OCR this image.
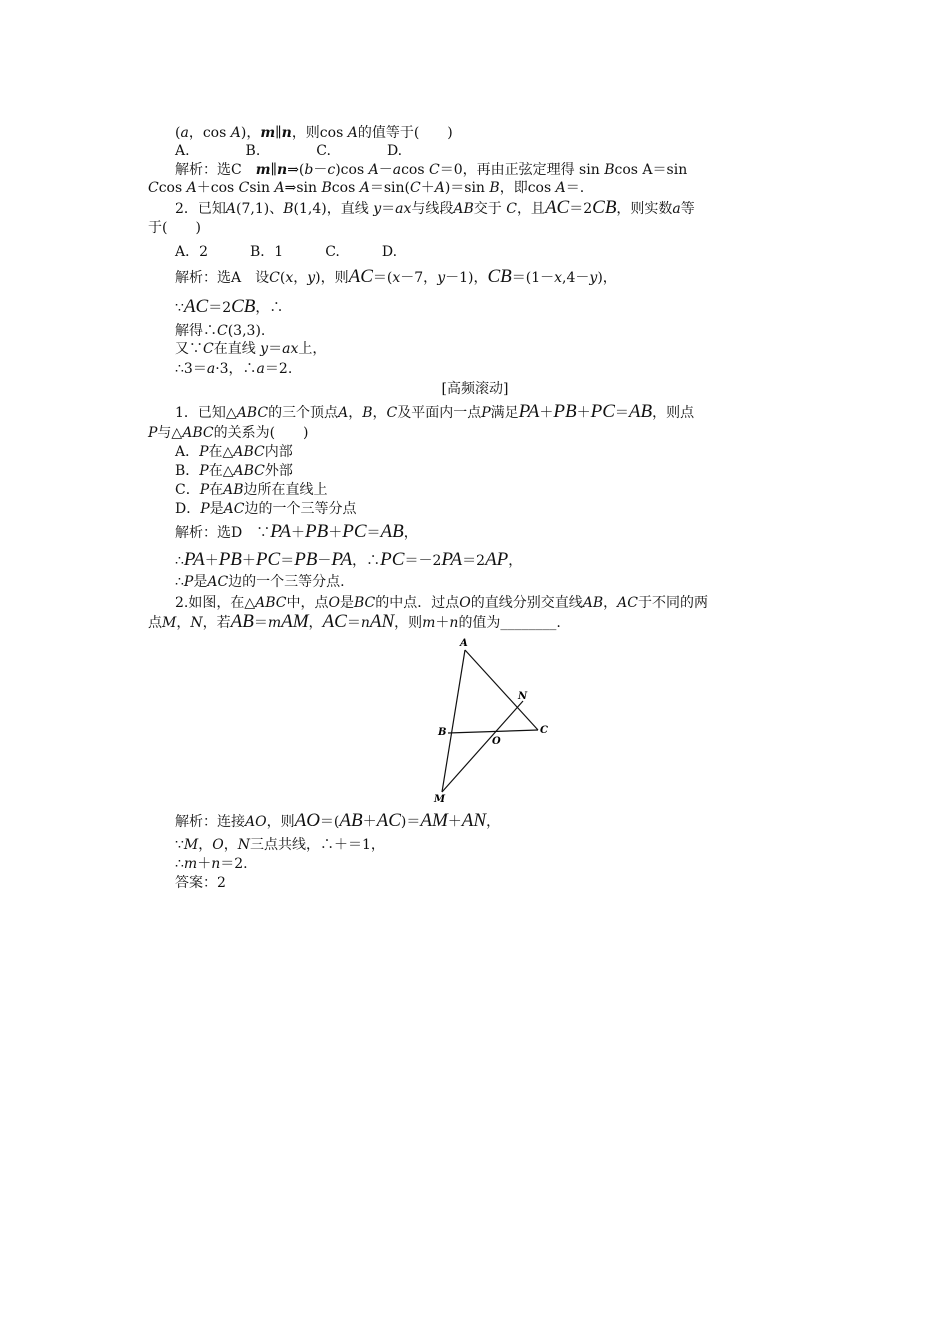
(a，cos A)，m∥n，则cos A的值等于(　　)
A.　　　　B.　　　　C.　　　　D.
解析：选C　m∥n⇒(b－c)cos A－acos C＝0，再由正弦定理得 sin Bcos A＝sin
Ccos A＋cos Csin A⇒sin Bcos A＝sin(C＋A)＝sin B，即cos A＝.
2．已知A(7,1)、B(1,4)，直线 y＝ax与线段AB交于 C，且AC＝2CB，则实数a等
于(　　)
A．2　　　B．1　　　C.　　　D.
解析：选A　设C(x，y)，则AC＝(x－7，y－1)，CB＝(1－x,4－y)，
∵AC＝2CB，∴
解得∴C(3,3).
又∵C在直线 y＝ax上，
∴3＝a·3，∴a＝2.
[高频滚动]
1．已知△ABC的三个顶点A，B，C及平面内一点P满足PA＋PB＋PC＝AB，则点
P与△ABC的关系为(　　)
A．P在△ABC内部
B．P在△ABC外部
C．P在AB边所在直线上
D．P是AC边的一个三等分点
解析：选D　∵PA＋PB＋PC＝AB，
∴PA＋PB＋PC＝PB－PA，∴PC＝－2PA＝2AP，
∴P是AC边的一个三等分点.
2.如图，在△ABC中，点O是BC的中点．过点O的直线分别交直线AB，AC于不同的两
点M，N，若AB＝mAM，AC＝nAN，则m＋n的值为________.
解析：连接AO，则AO＝(AB＋AC)＝AM＋AN，
∵M，O，N三点共线，∴＋＝1，
∴m＋n＝2.
答案：2
A
N
C
B
O
M
